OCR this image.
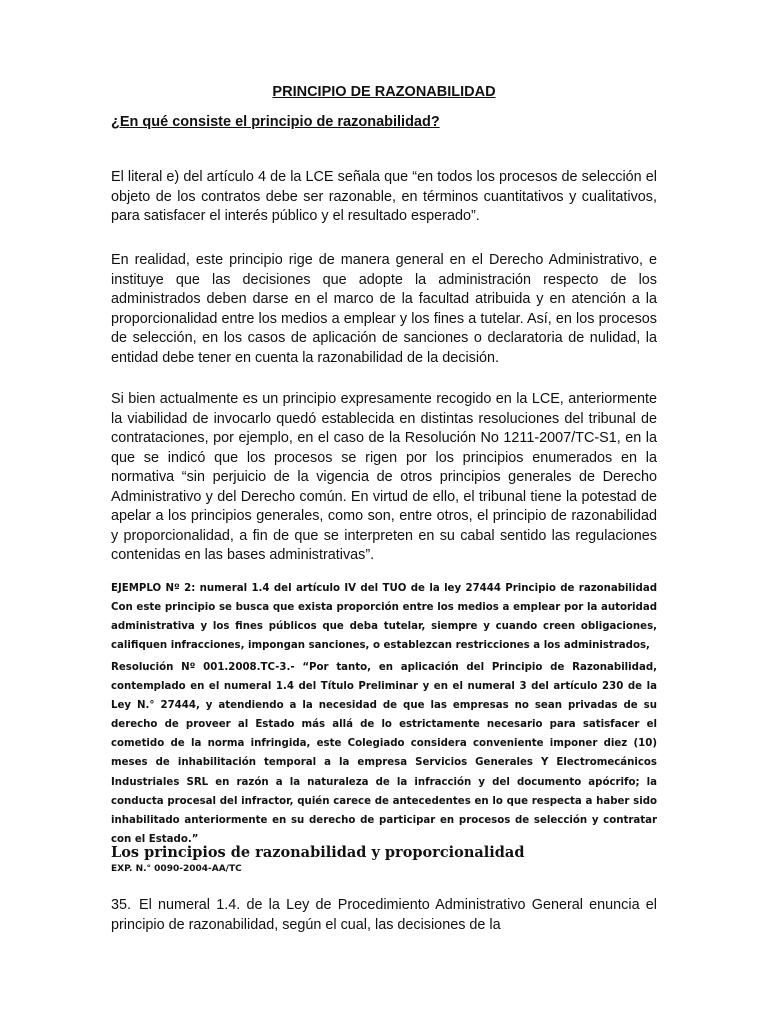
PRINCIPIO DE RAZONABILIDAD
¿En qué consiste el principio de razonabilidad?

El literal e) del artículo 4 de la LCE señala que “en todos los procesos de selección el objeto de los contratos debe ser razonable, en términos cuantitativos y cualitativos, para satisfacer el interés público y el resultado esperado”.

En realidad, este principio rige de manera general en el Derecho Administrativo, e instituye que las decisiones que adopte la administración respecto de los administrados deben darse en el marco de la facultad atribuida y en atención a la proporcionalidad entre los medios a emplear y los fines a tutelar. Así, en los procesos de selección, en los casos de aplicación de sanciones o declaratoria de nulidad, la entidad debe tener en cuenta la razonabilidad de la decisión.

Si bien actualmente es un principio expresamente recogido en la LCE, anteriormente la viabilidad de invocarlo quedó establecida en distintas resoluciones del tribunal de contrataciones, por ejemplo, en el caso de la Resolución No 1211-2007/TC-S1, en la que se indicó que los procesos se rigen por los principios enumerados en la normativa “sin perjuicio de la vigencia de otros principios generales de Derecho Administrativo y del Derecho común. En virtud de ello, el tribunal tiene la potestad de apelar a los principios generales, como son, entre otros, el principio de razonabilidad y proporcionalidad, a fin de que se interpreten en su cabal sentido las regulaciones contenidas en las bases administrativas”.

EJEMPLO Nº 2: numeral 1.4 del artículo IV del TUO de la ley 27444 Principio de razonabilidad Con este principio se busca que exista proporción entre los medios a emplear por la autoridad administrativa y los fines públicos que deba tutelar, siempre y cuando creen obligaciones, califiquen infracciones, impongan sanciones, o establezcan restricciones a los administrados,

Resolución Nº 001.2008.TC-3.- “Por tanto, en aplicación del Principio de Razonabilidad, contemplado en el numeral 1.4 del Título Preliminar y en el numeral 3 del artículo 230 de la Ley N.° 27444, y atendiendo a la necesidad de que las empresas no sean privadas de su derecho de proveer al Estado más allá de lo estrictamente necesario para satisfacer el cometido de la norma infringida, este Colegiado considera conveniente imponer diez (10) meses de inhabilitación temporal a la empresa Servicios Generales Y Electromecánicos Industriales SRL en razón a la naturaleza de la infracción y del documento apócrifo; la conducta procesal del infractor, quién carece de antecedentes en lo que respecta a haber sido inhabilitado anteriormente en su derecho de participar en procesos de selección y contratar con el Estado.”

Los principios de razonabilidad y proporcionalidad
EXP. N.° 0090-2004-AA/TC

35. El numeral 1.4. de la Ley de Procedimiento Administrativo General enuncia el principio de razonabilidad, según el cual, las decisiones de la
